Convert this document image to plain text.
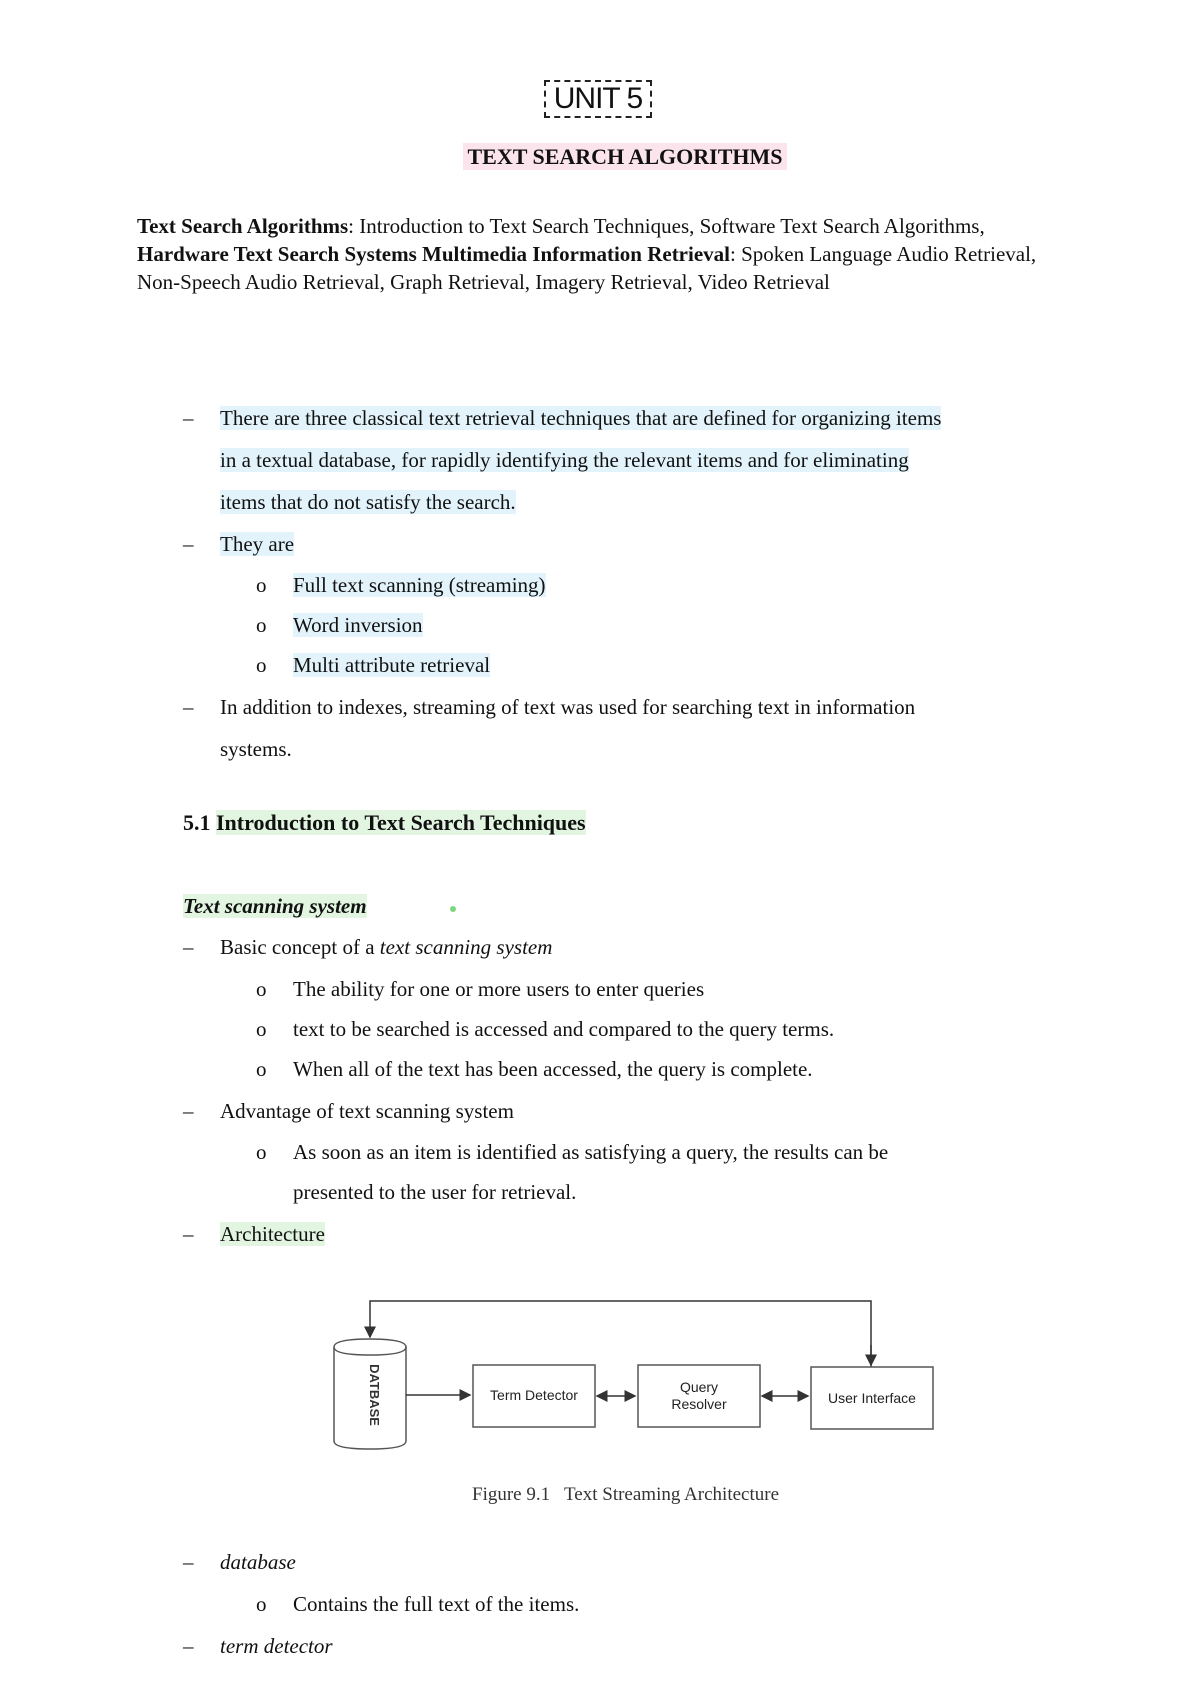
UNIT 5
TEXT SEARCH ALGORITHMS

Text Search Algorithms: Introduction to Text Search Techniques, Software Text Search Algorithms,

Hardware Text Search Systems Multimedia Information Retrieval: Spoken Language Audio Retrieval, Non-Speech Audio Retrieval, Graph Retrieval, Imagery Retrieval, Video Retrieval

– There are three classical text retrieval techniques that are defined for organizing items
in a textual database, for rapidly identifying the relevant items and for eliminating
items that do not satisfy the search.
– They are
o Full text scanning (streaming)
o Word inversion
o Multi attribute retrieval
– In addition to indexes, streaming of text was used for searching text in information
systems.
5.1 Introduction to Text Search Techniques
Text scanning system
– Basic concept of a text scanning system
o The ability for one or more users to enter queries
o text to be searched is accessed and compared to the query terms.
o When all of the text has been accessed, the query is complete.
– Advantage of text scanning system
o As soon as an item is identified as satisfying a query, the results can be
presented to the user for retrieval.
– Architecture
DATBASE	Term Detector	Query
Resolver	User Interface
Figure 9.1   Text Streaming Architecture
– database
o Contains the full text of the items.
– term detector
